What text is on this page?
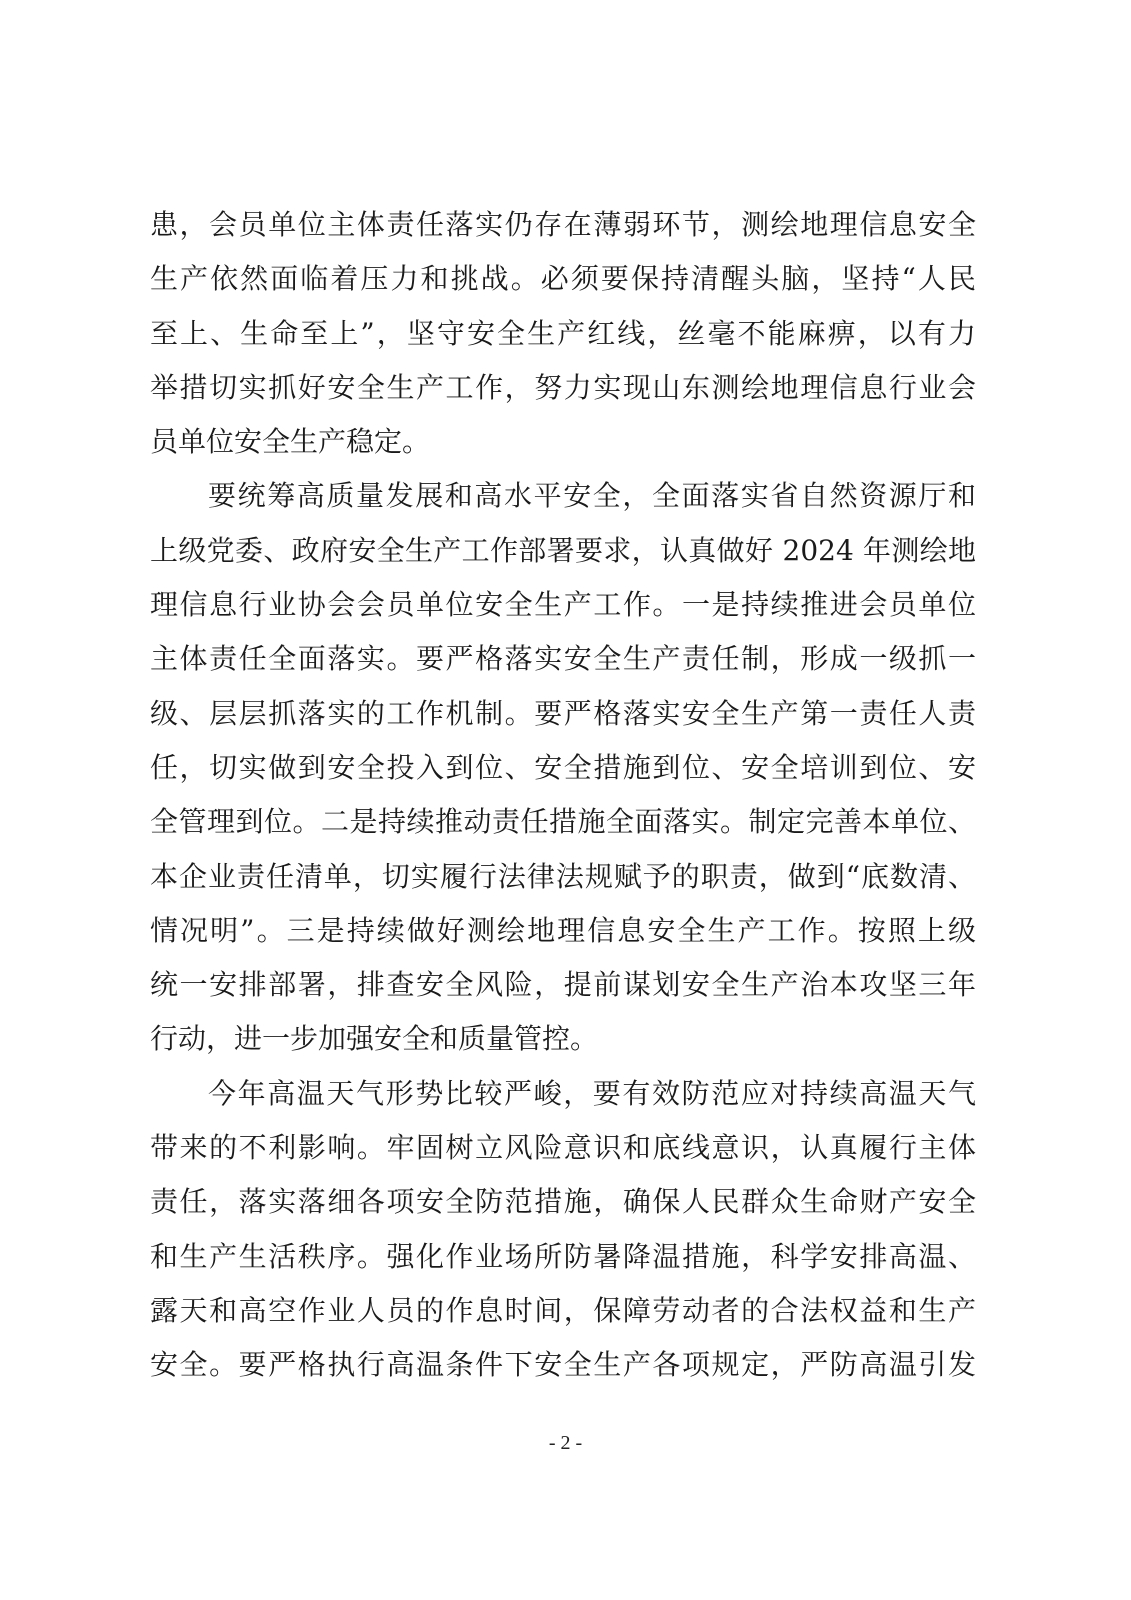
患，会员单位主体责任落实仍存在薄弱环节，测绘地理信息安全
生产依然面临着压力和挑战。必须要保持清醒头脑，坚持“人民
至上、生命至上”，坚守安全生产红线，丝毫不能麻痹，以有力
举措切实抓好安全生产工作，努力实现山东测绘地理信息行业会
员单位安全生产稳定。
要统筹高质量发展和高水平安全，全面落实省自然资源厅和
上级党委、政府安全生产工作部署要求，认真做好 2024 年测绘地
理信息行业协会会员单位安全生产工作。一是持续推进会员单位
主体责任全面落实。要严格落实安全生产责任制，形成一级抓一
级、层层抓落实的工作机制。要严格落实安全生产第一责任人责
任，切实做到安全投入到位、安全措施到位、安全培训到位、安
全管理到位。二是持续推动责任措施全面落实。制定完善本单位、
本企业责任清单，切实履行法律法规赋予的职责，做到“底数清、
情况明”。三是持续做好测绘地理信息安全生产工作。按照上级
统一安排部署，排查安全风险，提前谋划安全生产治本攻坚三年
行动，进一步加强安全和质量管控。
今年高温天气形势比较严峻，要有效防范应对持续高温天气
带来的不利影响。牢固树立风险意识和底线意识，认真履行主体
责任，落实落细各项安全防范措施，确保人民群众生命财产安全
和生产生活秩序。强化作业场所防暑降温措施，科学安排高温、
露天和高空作业人员的作息时间，保障劳动者的合法权益和生产
安全。要严格执行高温条件下安全生产各项规定，严防高温引发
- 2 -
